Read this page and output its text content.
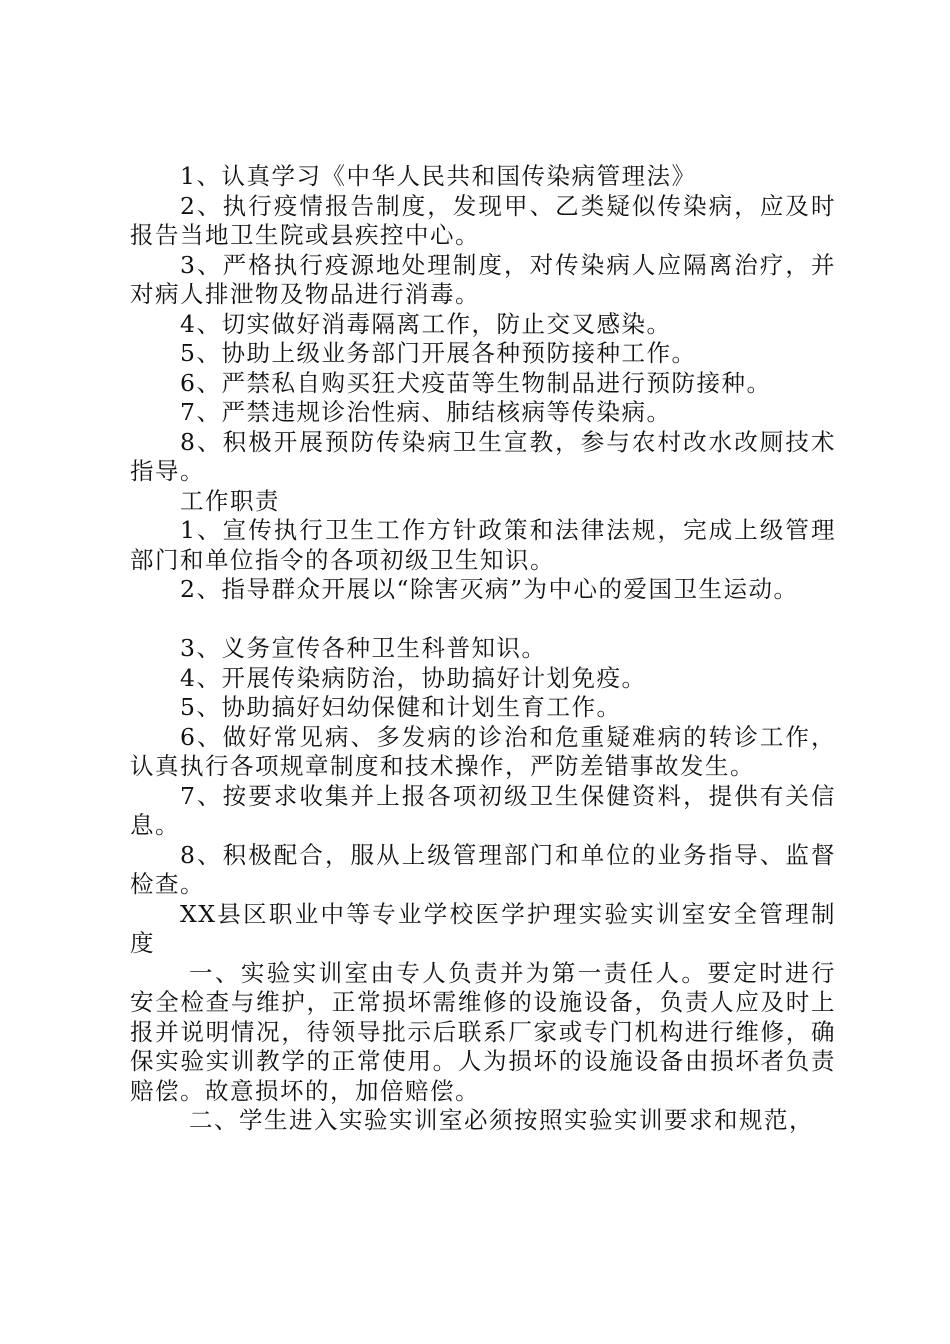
1、认真学习《中华人民共和国传染病管理法》

2、执行疫情报告制度，发现甲、乙类疑似传染病，应及时报告当地卫生院或县疾控中心。

3、严格执行疫源地处理制度，对传染病人应隔离治疗，并对病人排泄物及物品进行消毒。

4、切实做好消毒隔离工作，防止交叉感染。

5、协助上级业务部门开展各种预防接种工作。

6、严禁私自购买狂犬疫苗等生物制品进行预防接种。

7、严禁违规诊治性病、肺结核病等传染病。

8、积极开展预防传染病卫生宣教，参与农村改水改厕技术指导。

工作职责

1、宣传执行卫生工作方针政策和法律法规，完成上级管理部门和单位指令的各项初级卫生知识。

2、指导群众开展以“除害灭病”为中心的爱国卫生运动。

3、义务宣传各种卫生科普知识。

4、开展传染病防治，协助搞好计划免疫。

5、协助搞好妇幼保健和计划生育工作。

6、做好常见病、多发病的诊治和危重疑难病的转诊工作，认真执行各项规章制度和技术操作，严防差错事故发生。

7、按要求收集并上报各项初级卫生保健资料，提供有关信息。

8、积极配合，服从上级管理部门和单位的业务指导、监督检查。

XX县区职业中等专业学校医学护理实验实训室安全管理制度

一、实验实训室由专人负责并为第一责任人。要定时进行安全检查与维护，正常损坏需维修的设施设备，负责人应及时上报并说明情况，待领导批示后联系厂家或专门机构进行维修，确保实验实训教学的正常使用。人为损坏的设施设备由损坏者负责赔偿。故意损坏的，加倍赔偿。

二、学生进入实验实训室必须按照实验实训要求和规范，
